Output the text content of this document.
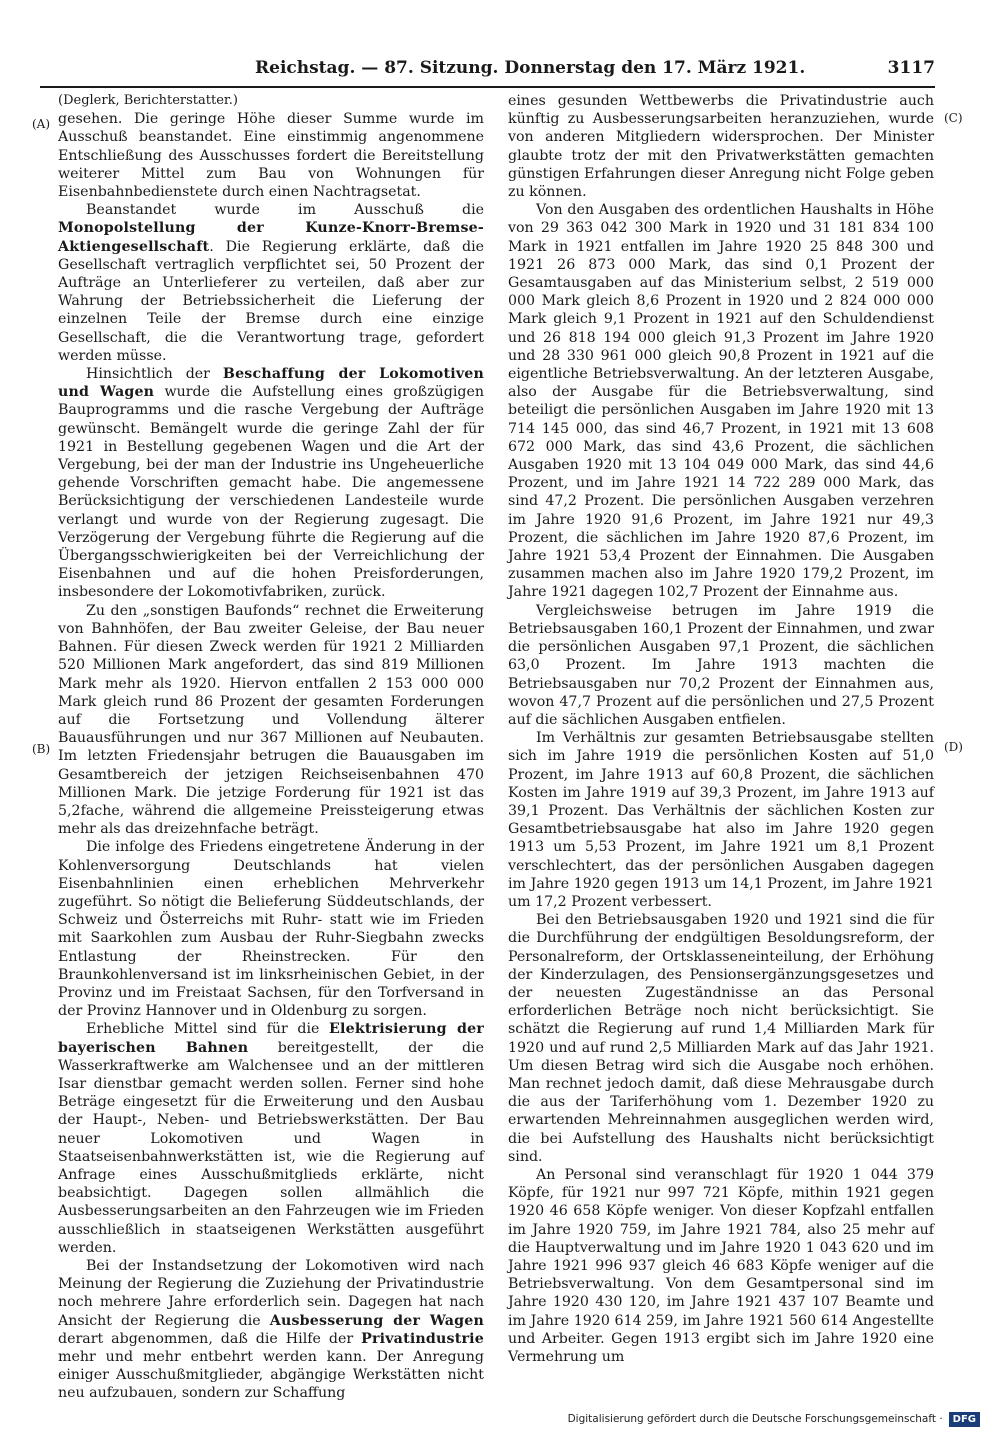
Reichstag. — 87. Sitzung. Donnerstag den 17. März 1921.	3117
(A)
(B)
(C)
(D)

(Deglerk, Berichterstatter.)

gesehen. Die geringe Höhe dieser Summe wurde im Ausschuß beanstandet. Eine einstimmig angenommene Entschließung des Ausschusses fordert die Bereitstellung weiterer Mittel zum Bau von Wohnungen für Eisenbahnbedienstete durch einen Nachtragsetat.

Beanstandet wurde im Ausschuß die Monopolstellung der Kunze-Knorr-Bremse-Aktiengesellschaft. Die Regierung erklärte, daß die Gesellschaft vertraglich verpflichtet sei, 50 Prozent der Aufträge an Unterlieferer zu verteilen, daß aber zur Wahrung der Betriebssicherheit die Lieferung der einzelnen Teile der Bremse durch eine einzige Gesellschaft, die die Verantwortung trage, gefordert werden müsse.

Hinsichtlich der Beschaffung der Lokomotiven und Wagen wurde die Aufstellung eines großzügigen Bauprogramms und die rasche Vergebung der Aufträge gewünscht. Bemängelt wurde die geringe Zahl der für 1921 in Bestellung gegebenen Wagen und die Art der Vergebung, bei der man der Industrie ins Ungeheuerliche gehende Vorschriften gemacht habe. Die angemessene Berücksichtigung der verschiedenen Landesteile wurde verlangt und wurde von der Regierung zugesagt. Die Verzögerung der Vergebung führte die Regierung auf die Übergangsschwierigkeiten bei der Verreichlichung der Eisenbahnen und auf die hohen Preisforderungen, insbesondere der Lokomotivfabriken, zurück.

Zu den „sonstigen Baufonds“ rechnet die Erweiterung von Bahnhöfen, der Bau zweiter Geleise, der Bau neuer Bahnen. Für diesen Zweck werden für 1921 2 Milliarden 520 Millionen Mark angefordert, das sind 819 Millionen Mark mehr als 1920. Hiervon entfallen 2 153 000 000 Mark gleich rund 86 Prozent der gesamten Forderungen auf die Fortsetzung und Vollendung älterer Bauausführungen und nur 367 Millionen auf Neubauten. Im letzten Friedensjahr betrugen die Bauausgaben im Gesamtbereich der jetzigen Reichseisenbahnen 470 Millionen Mark. Die jetzige Forderung für 1921 ist das 5,2fache, während die allgemeine Preissteigerung etwas mehr als das dreizehnfache beträgt.

Die infolge des Friedens eingetretene Änderung in der Kohlenversorgung Deutschlands hat vielen Eisenbahnlinien einen erheblichen Mehrverkehr zugeführt. So nötigt die Belieferung Süddeutschlands, der Schweiz und Österreichs mit Ruhr- statt wie im Frieden mit Saarkohlen zum Ausbau der Ruhr-Siegbahn zwecks Entlastung der Rheinstrecken. Für den Braunkohlenversand ist im linksrheinischen Gebiet, in der Provinz und im Freistaat Sachsen, für den Torfversand in der Provinz Hannover und in Oldenburg zu sorgen.

Erhebliche Mittel sind für die Elektrisierung der bayerischen Bahnen bereitgestellt, der die Wasserkraftwerke am Walchensee und an der mittleren Isar dienstbar gemacht werden sollen. Ferner sind hohe Beträge eingesetzt für die Erweiterung und den Ausbau der Haupt-, Neben- und Betriebswerkstätten. Der Bau neuer Lokomotiven und Wagen in Staatseisenbahnwerkstätten ist, wie die Regierung auf Anfrage eines Ausschußmitglieds erklärte, nicht beabsichtigt. Dagegen sollen allmählich die Ausbesserungsarbeiten an den Fahrzeugen wie im Frieden ausschließlich in staatseigenen Werkstätten ausgeführt werden.

Bei der Instandsetzung der Lokomotiven wird nach Meinung der Regierung die Zuziehung der Privatindustrie noch mehrere Jahre erforderlich sein. Dagegen hat nach Ansicht der Regierung die Ausbesserung der Wagen derart abgenommen, daß die Hilfe der Privatindustrie mehr und mehr entbehrt werden kann. Der Anregung einiger Ausschußmitglieder, abgängige Werkstätten nicht neu aufzubauen, sondern zur Schaffung

eines gesunden Wettbewerbs die Privatindustrie auch künftig zu Ausbesserungsarbeiten heranzuziehen, wurde von anderen Mitgliedern widersprochen. Der Minister glaubte trotz der mit den Privatwerkstätten gemachten günstigen Erfahrungen dieser Anregung nicht Folge geben zu können.

Von den Ausgaben des ordentlichen Haushalts in Höhe von 29 363 042 300 Mark in 1920 und 31 181 834 100 Mark in 1921 entfallen im Jahre 1920 25 848 300 und 1921 26 873 000 Mark, das sind 0,1 Prozent der Gesamtausgaben auf das Ministerium selbst, 2 519 000 000 Mark gleich 8,6 Prozent in 1920 und 2 824 000 000 Mark gleich 9,1 Prozent in 1921 auf den Schuldendienst und 26 818 194 000 gleich 91,3 Prozent im Jahre 1920 und 28 330 961 000 gleich 90,8 Prozent in 1921 auf die eigentliche Betriebsverwaltung. An der letzteren Ausgabe, also der Ausgabe für die Betriebsverwaltung, sind beteiligt die persönlichen Ausgaben im Jahre 1920 mit 13 714 145 000, das sind 46,7 Prozent, in 1921 mit 13 608 672 000 Mark, das sind 43,6 Prozent, die sächlichen Ausgaben 1920 mit 13 104 049 000 Mark, das sind 44,6 Prozent, und im Jahre 1921 14 722 289 000 Mark, das sind 47,2 Prozent. Die persönlichen Ausgaben verzehren im Jahre 1920 91,6 Prozent, im Jahre 1921 nur 49,3 Prozent, die sächlichen im Jahre 1920 87,6 Prozent, im Jahre 1921 53,4 Prozent der Einnahmen. Die Ausgaben zusammen machen also im Jahre 1920 179,2 Prozent, im Jahre 1921 dagegen 102,7 Prozent der Einnahme aus.

Vergleichsweise betrugen im Jahre 1919 die Betriebsausgaben 160,1 Prozent der Einnahmen, und zwar die persönlichen Ausgaben 97,1 Prozent, die sächlichen 63,0 Prozent. Im Jahre 1913 machten die Betriebsausgaben nur 70,2 Prozent der Einnahmen aus, wovon 47,7 Prozent auf die persönlichen und 27,5 Prozent auf die sächlichen Ausgaben entfielen.

Im Verhältnis zur gesamten Betriebsausgabe stellten sich im Jahre 1919 die persönlichen Kosten auf 51,0 Prozent, im Jahre 1913 auf 60,8 Prozent, die sächlichen Kosten im Jahre 1919 auf 39,3 Prozent, im Jahre 1913 auf 39,1 Prozent. Das Verhältnis der sächlichen Kosten zur Gesamtbetriebsausgabe hat also im Jahre 1920 gegen 1913 um 5,53 Prozent, im Jahre 1921 um 8,1 Prozent verschlechtert, das der persönlichen Ausgaben dagegen im Jahre 1920 gegen 1913 um 14,1 Prozent, im Jahre 1921 um 17,2 Prozent verbessert.

Bei den Betriebsausgaben 1920 und 1921 sind die für die Durchführung der endgültigen Besoldungsreform, der Personalreform, der Ortsklasseneinteilung, der Erhöhung der Kinderzulagen, des Pensionsergänzungsgesetzes und der neuesten Zugeständnisse an das Personal erforderlichen Beträge noch nicht berücksichtigt. Sie schätzt die Regierung auf rund 1,4 Milliarden Mark für 1920 und auf rund 2,5 Milliarden Mark auf das Jahr 1921. Um diesen Betrag wird sich die Ausgabe noch erhöhen. Man rechnet jedoch damit, daß diese Mehrausgabe durch die aus der Tariferhöhung vom 1. Dezember 1920 zu erwartenden Mehreinnahmen ausgeglichen werden wird, die bei Aufstellung des Haushalts nicht berücksichtigt sind.

An Personal sind veranschlagt für 1920 1 044 379 Köpfe, für 1921 nur 997 721 Köpfe, mithin 1921 gegen 1920 46 658 Köpfe weniger. Von dieser Kopfzahl entfallen im Jahre 1920 759, im Jahre 1921 784, also 25 mehr auf die Hauptverwaltung und im Jahre 1920 1 043 620 und im Jahre 1921 996 937 gleich 46 683 Köpfe weniger auf die Betriebsverwaltung. Von dem Gesamtpersonal sind im Jahre 1920 430 120, im Jahre 1921 437 107 Beamte und im Jahre 1920 614 259, im Jahre 1921 560 614 Angestellte und Arbeiter. Gegen 1913 ergibt sich im Jahre 1920 eine Vermehrung um

Digitalisierung gefördert durch die Deutsche Forschungsgemeinschaft ·	DFG
